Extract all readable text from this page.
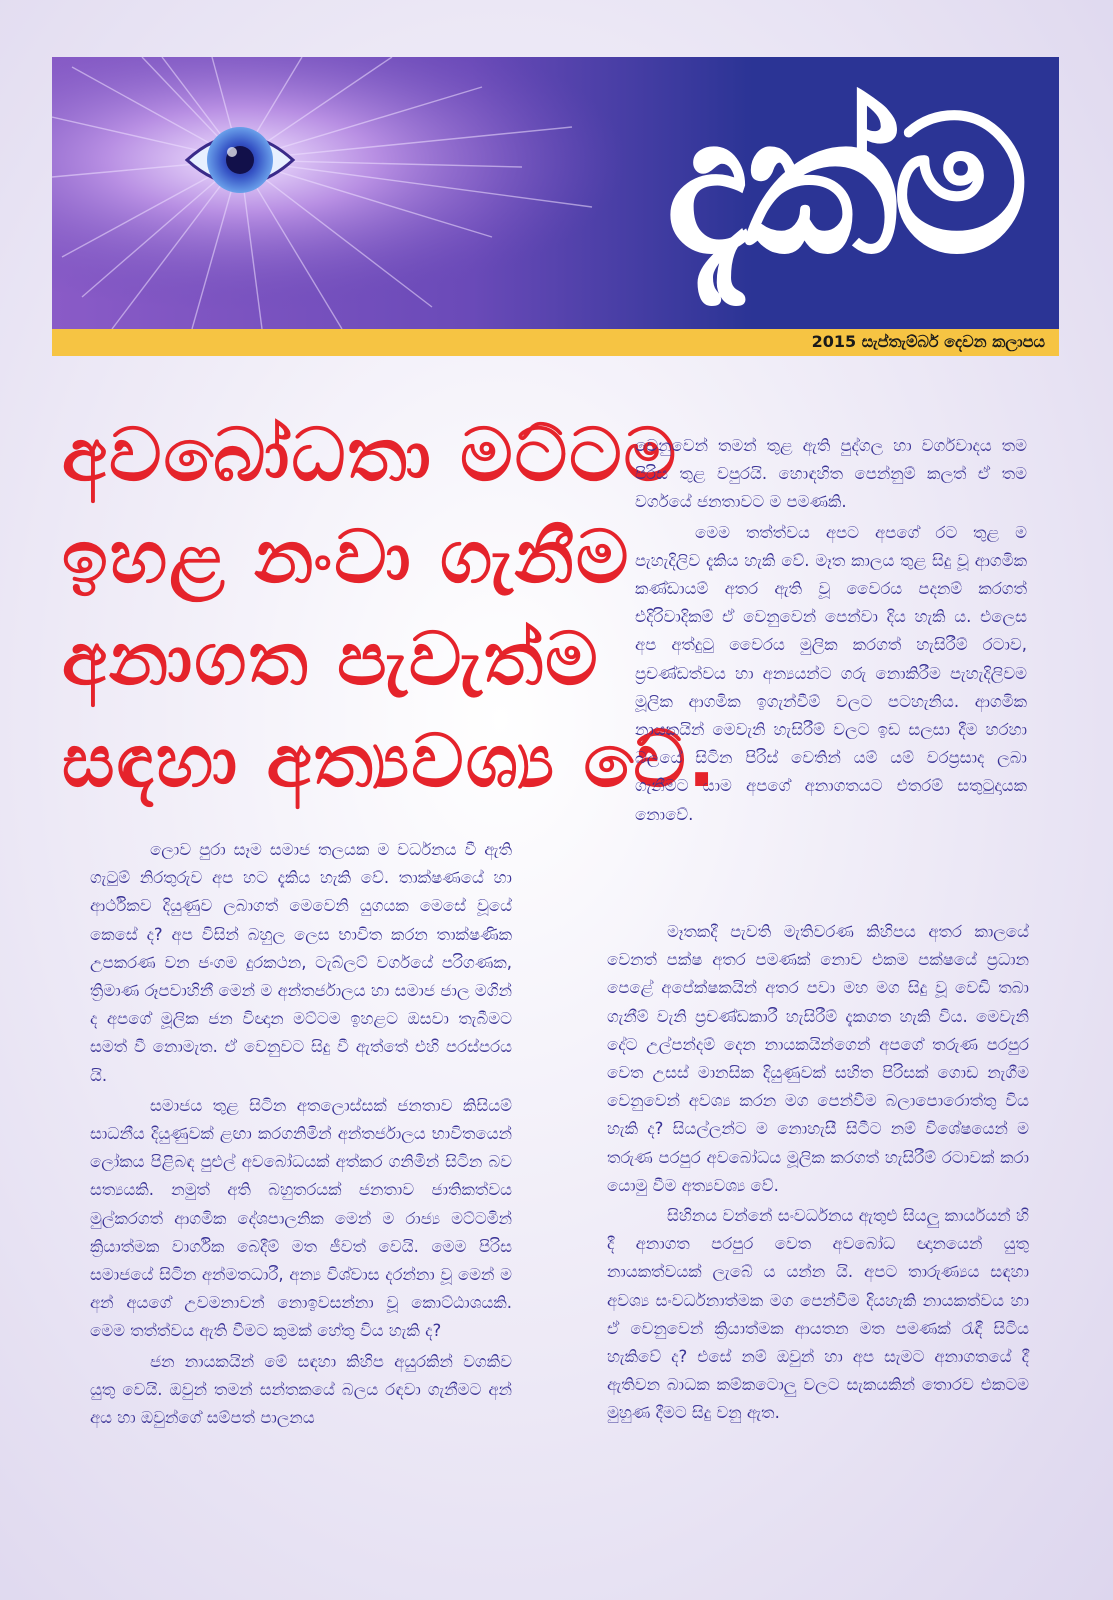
දැක්ම
2015 සැප්තැම්බර් දෙවන කලාපය
අවබෝධතා මට්ටම
ඉහළ නංවා ගැනීම
අනාගත පැවැත්ම
සඳහා අත්‍යවශ්‍ය වේ.

වෙනුවෙන් තමන් තුළ ඇති පුද්ගල හා වර්ගවාදය තම පිරිස තුළ වපුරයි. හොඳහිත පෙන්නුම් කලත් ඒ තම වර්ගයේ ජනතාවට ම පමණකි.

මෙම තත්ත්වය අපට අපගේ රට තුළ ම පැහැදිලිව දැකිය හැකි වේ. මෑත කාලය තුළ සිදු වූ ආගමික කණ්ඩායම් අතර ඇති වූ වෛරය පදනම් කරගත් එදිරිවාදිකම් ඒ වෙනුවෙන් පෙන්වා දිය හැකි ය. එලෙස අප අත්දුටු වෛරය මුලික කරගත් හැසිරීම් රටාව, ප්‍රචණ්ඩත්වය හා අන්‍යයන්ට ගරු නොකිරීම පැහැදිලිවම මූලික ආගමික ඉගැන්වීම් වලට පටහැනිය. ආගමික නායකයින් මෙවැනි හැසිරීම් වලට ඉඩ සලසා දීම හරහා බලයේ සිටින පිරිස් වෙතින් යම් යම් වරප්‍රසාද ලබා ගැනීමට යාම අපගේ අනාගතයට එතරම් සතුටුදායක නොවේ.

ලොව පුරා සෑම සමාජ තලයක ම වර්ධනය වී ඇති ගැටුම් නිරතුරුව අප හට දැකිය හැකි වේ. තාක්ෂණයේ හා ආර්ථිකව දියුණුව ලබාගත් මෙවෙනි යුගයක මෙසේ වූයේ කෙසේ ද? අප විසින් බහුල ලෙස භාවිත කරන තාක්ෂණික උපකරණ වන ජංගම දුරකථන, ටැබ්ලට් වර්ගයේ පරිගණක, ත්‍රිමාණ රූපවාහිනී මෙන් ම අන්තර්ජාලය හා සමාජ ජාල මගින් ද අපගේ මූලික ජන විඥාන මට්ටම ඉහළට ඔසවා තැබීමට සමත් වී නොමැත. ඒ වෙනුවට සිදු වී ඇත්තේ එහි පරස්පරය යි.

සමාජය තුළ සිටින අතලොස්සක් ජනතාව කිසියම් සාධනීය දියුණුවක් ළඟා කරගනිමින් අන්තර්ජාලය භාවිතයෙන් ලෝකය පිළිබඳ පුළුල් අවබෝධයක් අත්කර ගනිමින් සිටින බව සත්‍යයකි. නමුත් අති බහුතරයක් ජනතාව ජාතිකත්වය මුල්කරගත් ආගමික දේශපාලනික මෙන් ම රාජ්‍ය මට්ටමින් ක්‍රියාත්මක වාර්ගික බෙදීම් මත ජීවත් වෙයි. මෙම පිරිස සමාජයේ සිටින අන්මතධාරී, අන්‍ය විශ්වාස දරන්නා වූ මෙන් ම අන් අයගේ උවමනාවන් නොඉවසන්නා වූ කොට්ඨාශයකි. මෙම තත්ත්වය ඇති වීමට කුමක් හේතු විය හැකි ද?

ජන නායකයින් මේ සඳහා කිහිප අයුරකින් වගකිව යුතු වෙයි. ඔවුන් තමන් සන්තකයේ බලය රඳවා ගැනීමට අන් අය හා ඔවුන්ගේ සම්පත් පාලනය

මෑතකදී පැවති මැතිවරණ කිහිපය අතර කාලයේ වෙනත් පක්ෂ අතර පමණක් නොව එකම පක්ෂයේ ප්‍රධාන පෙළේ අපේක්ෂකයින් අතර පවා මහ මග සිදු වූ වෙඩි තබා ගැනීම් වැනි ප්‍රචණ්ඩකාරී හැසිරීම් දැකගත හැකි විය. මෙවැනි දේට උල්පන්දම් දෙන නායකයින්ගෙන් අපගේ තරුණ පරපුර වෙත උසස් මානසික දියුණුවක් සහිත පිරිසක් ගොඩ නැගීම වෙනුවෙන් අවශ්‍ය කරන මග පෙන්වීම බලාපොරොත්තු විය හැකි ද? සියල්ලන්ට ම නොහැසී සිටීට නම් විශේෂයෙන් ම තරුණ පරපුර අවබෝධය මූලික කරගත් හැසිරීම් රටාවක් කරා යොමු වීම අත්‍යවශ්‍ය වේ.

සිහිනය වන්නේ සංවර්ධනය ඇතුළු සියලු කාර්යයන් හි දී අනාගත පරපුර වෙත අවබෝධ ඥානයෙන් යුතු නායකත්වයක් ලැබේ ය යන්න යි. අපට තාරුණ්‍යය සඳහා අවශ්‍ය සංවර්ධනාත්මක මග පෙන්වීම දියහැකි නායකත්වය හා ඒ වෙනුවෙන් ක්‍රියාත්මක ආයතන මත පමණක් රැඳී සිටිය හැකිවේ ද? එසේ නම් ඔවුන් හා අප සැමට අනාගතයේ දී ඇතිවන බාධක කම්කටොලු වලට සැකයකින් තොරව එකටම මුහුණ දීමට සිදු වනු ඇත.
